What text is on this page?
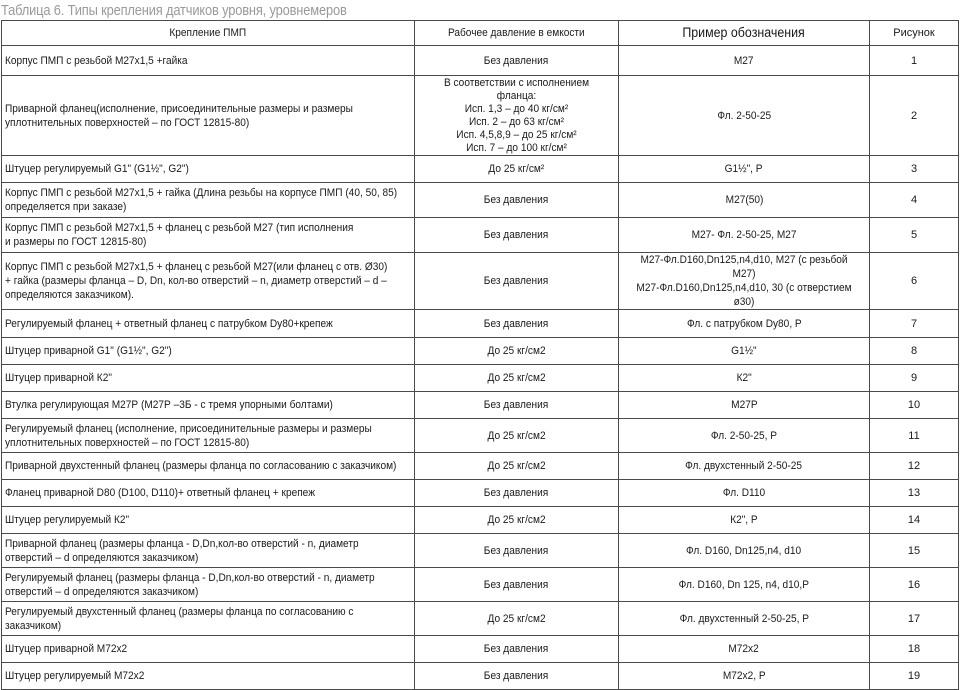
Таблица 6. Типы крепления датчиков уровня, уровнемеров
Крепление ПМП	Рабочее давление в емкости	Пример обозначения	Рисунок

Корпус ПМП с резьбой М27х1,5 +гайка	Без давления	М27	1

Приварной фланец(исполнение, присоединительные размеры и размеры
уплотнительных поверхностей – по ГОСТ 12815-80)	В соответствии с исполнением фланца:
Исп. 1,3 – до 40 кг/см²
Исп. 2 – до 63 кг/см²
Исп. 4,5,8,9 – до 25 кг/см²
Исп. 7 – до 100 кг/см²	Фл. 2-50-25	2

Штуцер регулируемый G1" (G1½", G2")	До 25 кг/см²	G1½", Р	3

Корпус ПМП с резьбой М27х1,5 + гайка (Длина резьбы на корпусе ПМП (40, 50, 85)
определяется при заказе)	Без давления	М27(50)	4

Корпус ПМП с резьбой М27х1,5 + фланец с резьбой М27 (тип исполнения
и размеры по ГОСТ 12815-80)	Без давления	М27- Фл. 2-50-25, М27	5

Корпус ПМП с резьбой М27х1,5 + фланец с резьбой М27(или фланец с отв. Ø30)
+ гайка (размеры фланца – D, Dn, кол-во отверстий – n, диаметр отверстий – d –
определяются заказчиком).	Без давления	М27-Фл.D160,Dn125,n4,d10, М27 (с резьбой М27)
М27-Фл.D160,Dn125,n4,d10, 30 (с отверстием ø30)	6

Регулируемый фланец + ответный фланец с патрубком Dy80+крепеж	Без давления	Фл. с патрубком Dy80, Р	7

Штуцер приварной G1" (G1½", G2")	До 25 кг/см2	G1½"	8

Штуцер приварной К2"	До 25 кг/см2	К2"	9

Втулка регулирующая М27Р (М27Р –3Б - с тремя упорными болтами)	Без давления	М27Р	10

Регулируемый фланец (исполнение, присоединительные размеры и размеры
уплотнительных поверхностей – по ГОСТ 12815-80)	До 25 кг/см2	Фл. 2-50-25, Р	11

Приварной двухстенный фланец (размеры фланца по согласованию с заказчиком)	До 25 кг/см2	Фл. двухстенный 2-50-25	12

Фланец приварной D80 (D100, D110)+ ответный фланец + крепеж	Без давления	Фл. D110	13

Штуцер регулируемый К2"	До 25 кг/см2	К2", Р	14

Приварной фланец (размеры фланца - D,Dn,кол-во отверстий - n, диаметр
отверстий – d определяются заказчиком)	Без давления	Фл. D160, Dn125,n4, d10	15

Регулируемый фланец (размеры фланца - D,Dn,кол-во отверстий - n, диаметр
отверстий – d определяются заказчиком)	Без давления	Фл. D160, Dn 125, n4, d10,Р	16

Регулируемый двухстенный фланец (размеры фланца по согласованию с
заказчиком)	До 25 кг/см2	Фл. двухстенный 2-50-25, Р	17

Штуцер приварной М72х2	Без давления	М72х2	18

Штуцер регулируемый М72х2	Без давления	М72х2, Р	19
